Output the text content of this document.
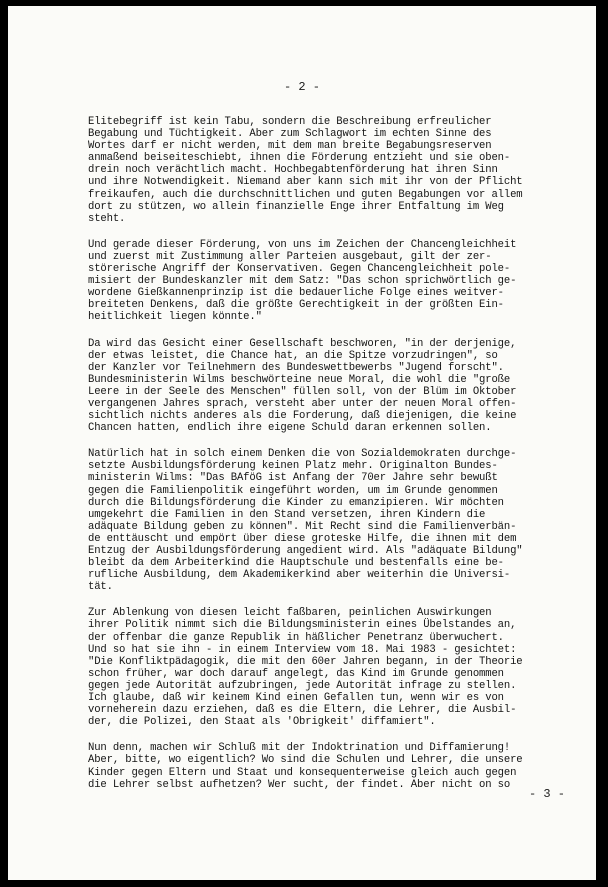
- 2 -
Elitebegriff ist kein Tabu, sondern die Beschreibung erfreulicher
Begabung und Tüchtigkeit. Aber zum Schlagwort im echten Sinne des
Wortes darf er nicht werden, mit dem man breite Begabungsreserven
anmaßend beiseiteschiebt, ihnen die Förderung entzieht und sie oben-
drein noch verächtlich macht. Hochbegabtenförderung hat ihren Sinn
und ihre Notwendigkeit. Niemand aber kann sich mit ihr von der Pflicht
freikaufen, auch die durchschnittlichen und guten Begabungen vor allem
dort zu stützen, wo allein finanzielle Enge ihrer Entfaltung im Weg
steht.
Und gerade dieser Förderung, von uns im Zeichen der Chancengleichheit
und zuerst mit Zustimmung aller Parteien ausgebaut, gilt der zer-
störerische Angriff der Konservativen. Gegen Chancengleichheit pole-
misiert der Bundeskanzler mit dem Satz: "Das schon sprichwörtlich ge-
wordene Gießkannenprinzip ist die bedauerliche Folge eines weitver-
breiteten Denkens, daß die größte Gerechtigkeit in der größten Ein-
heitlichkeit liegen könnte."
Da wird das Gesicht einer Gesellschaft beschworen, "in der derjenige,
der etwas leistet, die Chance hat, an die Spitze vorzudringen", so
der Kanzler vor Teilnehmern des Bundeswettbewerbs "Jugend forscht".
Bundesministerin Wilms beschwörteine neue Moral, die wohl die "große
Leere in der Seele des Menschen" füllen soll, von der Blüm im Oktober
vergangenen Jahres sprach, versteht aber unter der neuen Moral offen-
sichtlich nichts anderes als die Forderung, daß diejenigen, die keine
Chancen hatten, endlich ihre eigene Schuld daran erkennen sollen.
Natürlich hat in solch einem Denken die von Sozialdemokraten durchge-
setzte Ausbildungsförderung keinen Platz mehr. Originalton Bundes-
ministerin Wilms: "Das BAföG ist Anfang der 70er Jahre sehr bewußt
gegen die Familienpolitik eingeführt worden, um im Grunde genommen
durch die Bildungsförderung die Kinder zu emanzipieren. Wir möchten
umgekehrt die Familien in den Stand versetzen, ihren Kindern die
adäquate Bildung geben zu können". Mit Recht sind die Familienverbän-
de enttäuscht und empört über diese groteske Hilfe, die ihnen mit dem
Entzug der Ausbildungsförderung angedient wird. Als "adäquate Bildung"
bleibt da dem Arbeiterkind die Hauptschule und bestenfalls eine be-
rufliche Ausbildung, dem Akademikerkind aber weiterhin die Universi-
tät.
Zur Ablenkung von diesen leicht faßbaren, peinlichen Auswirkungen
ihrer Politik nimmt sich die Bildungsministerin eines Übelstandes an,
der offenbar die ganze Republik in häßlicher Penetranz überwuchert.
Und so hat sie ihn - in einem Interview vom 18. Mai 1983 - gesichtet:
"Die Konfliktpädagogik, die mit den 60er Jahren begann, in der Theorie
schon früher, war doch darauf angelegt, das Kind im Grunde genommen
gegen jede Autorität aufzubringen, jede Autorität infrage zu stellen.
Ich glaube, daß wir keinem Kind einen Gefallen tun, wenn wir es von
vorneherein dazu erziehen, daß es die Eltern, die Lehrer, die Ausbil-
der, die Polizei, den Staat als 'Obrigkeit' diffamiert".
Nun denn, machen wir Schluß mit der Indoktrination und Diffamierung!
Aber, bitte, wo eigentlich? Wo sind die Schulen und Lehrer, die unsere
Kinder gegen Eltern und Staat und konsequenterweise gleich auch gegen
die Lehrer selbst aufhetzen? Wer sucht, der findet. Aber nicht on so
- 3 -
